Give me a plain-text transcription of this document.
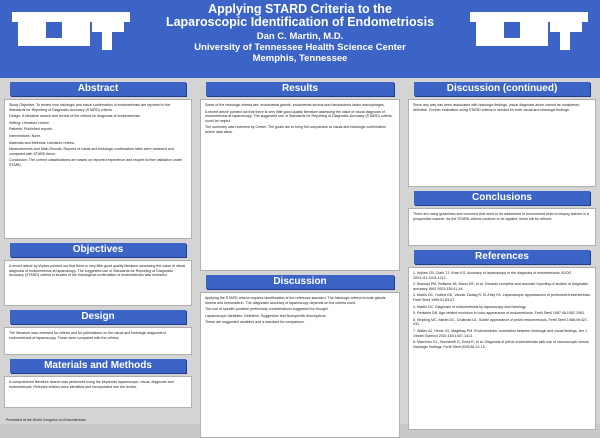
Applying STARD Criteria to the
Laparoscopic Identification of Endometriosis
Dan C. Martin, M.D.
University of Tennessee Health Science Center
Memphis, Tennessee
Abstract

Study Objective: To review how histologic and visual confirmation of endometriosis are reported in the Standards for Reporting of Diagnostic Accuracy (STARD) criteria.

Design: A literature search and review of the criteria for diagnosis of endometriosis.

Setting: Literature review.

Patients: Published reports.

Interventions: None.

Materials and Methods: Literature review.

Measurements and Main Results: Reports of visual and histologic confirmation rates were reviewed and compared with STARD items.

Conclusion: The current classifications are based on reported experience and require further validation under STARD.

Objectives

A recent article by Wykes pointed out that there is very little good quality literature assessing the value of visual diagnosis of endometriosis at laparoscopy. The suggested use of Standards for Reporting of Diagnostic Accuracy (STARD) criteria in studies of the histological confirmation of endometriosis was reviewed.

Design

The literature was reviewed for criteria and for publications on the visual and histologic diagnosis of endometriosis at laparoscopy. These were compared with the criteria.

Materials and Methods

A computerized literature search was performed using the keywords laparoscopic, visual, diagnosis and endometriosis. Relevant articles were identified and incorporated into the review.

Results

Some of the histologic criteria are: endometrial glands, endometrial stroma and hemosiderin-laden macrophages.

A recent article pointed out that there is very little good quality literature assessing the value of visual diagnosis of endometriosis at laparoscopy. The suggested use of Standards for Reporting of Diagnostic Accuracy (STARD) criteria could be helpful.

The summary was reviewed by Center. The goals are to bring full comparison to visual and histologic confirmation where data allow.

Discussion

Applying the STARD criteria requires identification of the reference standard. The histologic criteria include glands, stroma and hemosiderin. The diagnostic accuracy of laparoscopy depends on the criteria used.

The use of specific possible preliminary considerations suggested for thought.

Laparoscopic Variables: Definitive, Suggestive and Nonspecific descriptions.

These are suggested variables and a standard for comparison.

Discussion (continued)

Since any way has been associated with histologic findings, visual diagnosis alone cannot be considered definitive. Further evaluation using STARD criteria is needed for both visual and histologic findings.

Conclusions

There are many guidelines and concerns that need to be addressed to recommend when to biopsy lesions in a prospective manner. As the STARD criteria continue to be applied, these will be refined.

References

1. Wykes CB, Clark TJ, Khan KS. Accuracy of laparoscopy in the diagnosis of endometriosis. BJOG 2004;111:1204-1212.

2. Bossuyt PM, Reitsma JB, Bruns DE, et al. Towards complete and accurate reporting of studies of diagnostic accuracy. BMJ 2003;326:41-44.

3. Martin DC, Hubert GD, Vander Zwaag R, El-Zeky FA. Laparoscopic appearances of peritoneal endometriosis. Fertil Steril 1989;51:63-67.

4. Martin DC. Diagnosis of endometriosis by laparoscopy and histology.

5. Redwine DB. Age-related evolution in color appearance of endometriosis. Fertil Steril 1987;48:1062-1063.

6. Stripling MC, Martin DC, Chatman DL. Subtle appearance of pelvic endometriosis. Fertil Steril 1988;49:427-431.

7. Walter AJ, Hentz JG, Magtibay PM. Endometriosis: correlation between histologic and visual findings. Am J Obstet Gynecol 2001;184:1407-1413.

8. Marchino GL, Gennarelli G, Enria R, et al. Diagnosis of pelvic endometriosis with use of macroscopic versus histologic findings. Fertil Steril 2005;84:12-15.

Presented at the World Congress on Endometriosis
